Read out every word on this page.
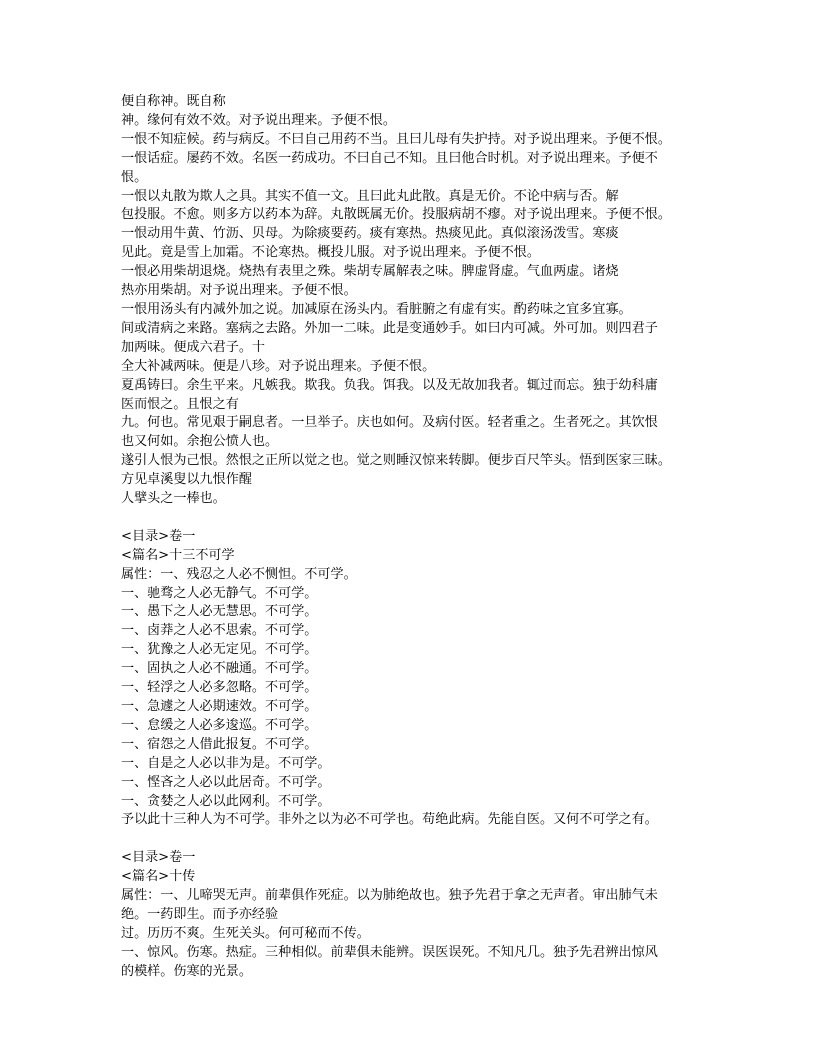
便自称神。既自称
神。缘何有效不效。对予说出理来。予便不恨。
一恨不知症候。药与病反。不曰自己用药不当。且曰儿母有失护持。对予说出理来。予便不恨。
一恨话症。屡药不效。名医一药成功。不曰自己不知。且曰他合时机。对予说出理来。予便不
恨。
一恨以丸散为欺人之具。其实不值一文。且曰此丸此散。真是无价。不论中病与否。解
包投服。不愈。则多方以药本为辞。丸散既属无价。投服病胡不瘳。对予说出理来。予便不恨。
一恨动用牛黄、竹沥、贝母。为除痰要药。痰有寒热。热痰见此。真似滚汤泼雪。寒痰
见此。竟是雪上加霜。不论寒热。概投儿服。对予说出理来。予便不恨。
一恨必用柴胡退烧。烧热有表里之殊。柴胡专属解表之味。脾虚肾虚。气血两虚。诸烧
热亦用柴胡。对予说出理来。予便不恨。
一恨用汤头有内减外加之说。加减原在汤头内。看脏腑之有虚有实。酌药味之宜多宜寡。
间或清病之来路。塞病之去路。外加一二味。此是变通妙手。如曰内可减。外可加。则四君子
加两味。便成六君子。十
全大补减两味。便是八珍。对予说出理来。予便不恨。
夏禹铸曰。余生平来。凡嫉我。欺我。负我。饵我。以及无故加我者。辄过而忘。独于幼科庸
医而恨之。且恨之有
九。何也。常见艰于嗣息者。一旦举子。庆也如何。及病付医。轻者重之。生者死之。其饮恨
也又何如。余抱公愤人也。
遂引人恨为己恨。然恨之正所以觉之也。觉之则睡汉惊来转脚。便步百尺竿头。悟到医家三昧。
方见卓溪叟以九恨作醒
人擘头之一棒也。
<目录>卷一
<篇名>十三不可学
属性：一、残忍之人必不恻怛。不可学。
一、驰骛之人必无静气。不可学。
一、愚下之人必无慧思。不可学。
一、卤莽之人必不思索。不可学。
一、犹豫之人必无定见。不可学。
一、固执之人必不融通。不可学。
一、轻浮之人必多忽略。不可学。
一、急遽之人必期速效。不可学。
一、怠缓之人必多逡巡。不可学。
一、宿怨之人借此报复。不可学。
一、自是之人必以非为是。不可学。
一、悭吝之人必以此居奇。不可学。
一、贪婪之人必以此网利。不可学。
予以此十三种人为不可学。非外之以为必不可学也。苟绝此病。先能自医。又何不可学之有。
<目录>卷一
<篇名>十传
属性：一、儿啼哭无声。前辈俱作死症。以为肺绝故也。独予先君于拿之无声者。审出肺气未
绝。一药即生。而予亦经验
过。历历不爽。生死关头。何可秘而不传。
一、惊风。伤寒。热症。三种相似。前辈俱未能辨。误医误死。不知凡几。独予先君辨出惊风
的模样。伤寒的光景。
